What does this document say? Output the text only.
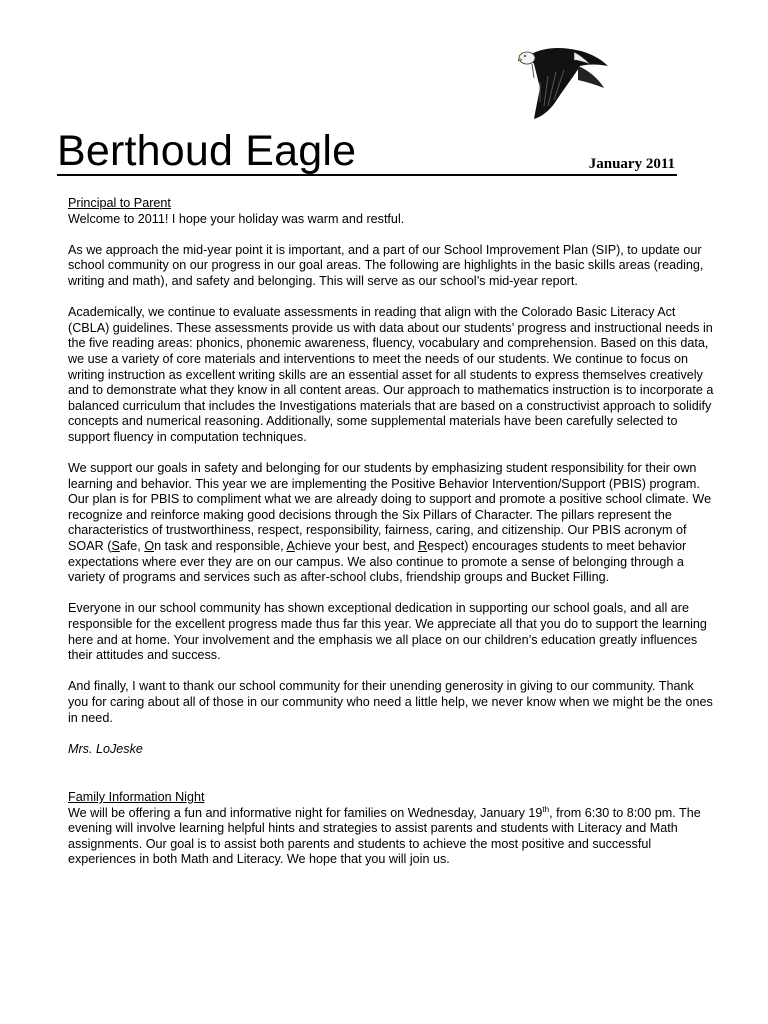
Berthoud Eagle	January 2011
Principal to Parent

Welcome to 2011! I hope your holiday was warm and restful.

As we approach the mid-year point it is important, and a part of our School Improvement Plan (SIP), to update our school community on our progress in our goal areas. The following are highlights in the basic skills areas (reading, writing and math), and safety and belonging. This will serve as our school’s mid-year report.

Academically, we continue to evaluate assessments in reading that align with the Colorado Basic Literacy Act (CBLA) guidelines. These assessments provide us with data about our students’ progress and instructional needs in the five reading areas: phonics, phonemic awareness, fluency, vocabulary and comprehension. Based on this data, we use a variety of core materials and interventions to meet the needs of our students. We continue to focus on writing instruction as excellent writing skills are an essential asset for all students to express themselves creatively and to demonstrate what they know in all content areas. Our approach to mathematics instruction is to incorporate a balanced curriculum that includes the Investigations materials that are based on a constructivist approach to solidify concepts and numerical reasoning. Additionally, some supplemental materials have been carefully selected to support fluency in computation techniques.

We support our goals in safety and belonging for our students by emphasizing student responsibility for their own learning and behavior. This year we are implementing the Positive Behavior Intervention/Support (PBIS) program. Our plan is for PBIS to compliment what we are already doing to support and promote a positive school climate. We recognize and reinforce making good decisions through the Six Pillars of Character. The pillars represent the characteristics of trustworthiness, respect, responsibility, fairness, caring, and citizenship. Our PBIS acronym of SOAR (Safe, On task and responsible, Achieve your best, and Respect) encourages students to meet behavior expectations where ever they are on our campus. We also continue to promote a sense of belonging through a variety of programs and services such as after-school clubs, friendship groups and Bucket Filling.

Everyone in our school community has shown exceptional dedication in supporting our school goals, and all are responsible for the excellent progress made thus far this year. We appreciate all that you do to support the learning here and at home. Your involvement and the emphasis we all place on our children’s education greatly influences their attitudes and success.

And finally, I want to thank our school community for their unending generosity in giving to our community. Thank you for caring about all of those in our community who need a little help, we never know when we might be the ones in need.

Mrs. LoJeske

Family Information Night

We will be offering a fun and informative night for families on Wednesday, January 19th, from 6:30 to 8:00 pm. The evening will involve learning helpful hints and strategies to assist parents and students with Literacy and Math assignments. Our goal is to assist both parents and students to achieve the most positive and successful experiences in both Math and Literacy. We hope that you will join us.
